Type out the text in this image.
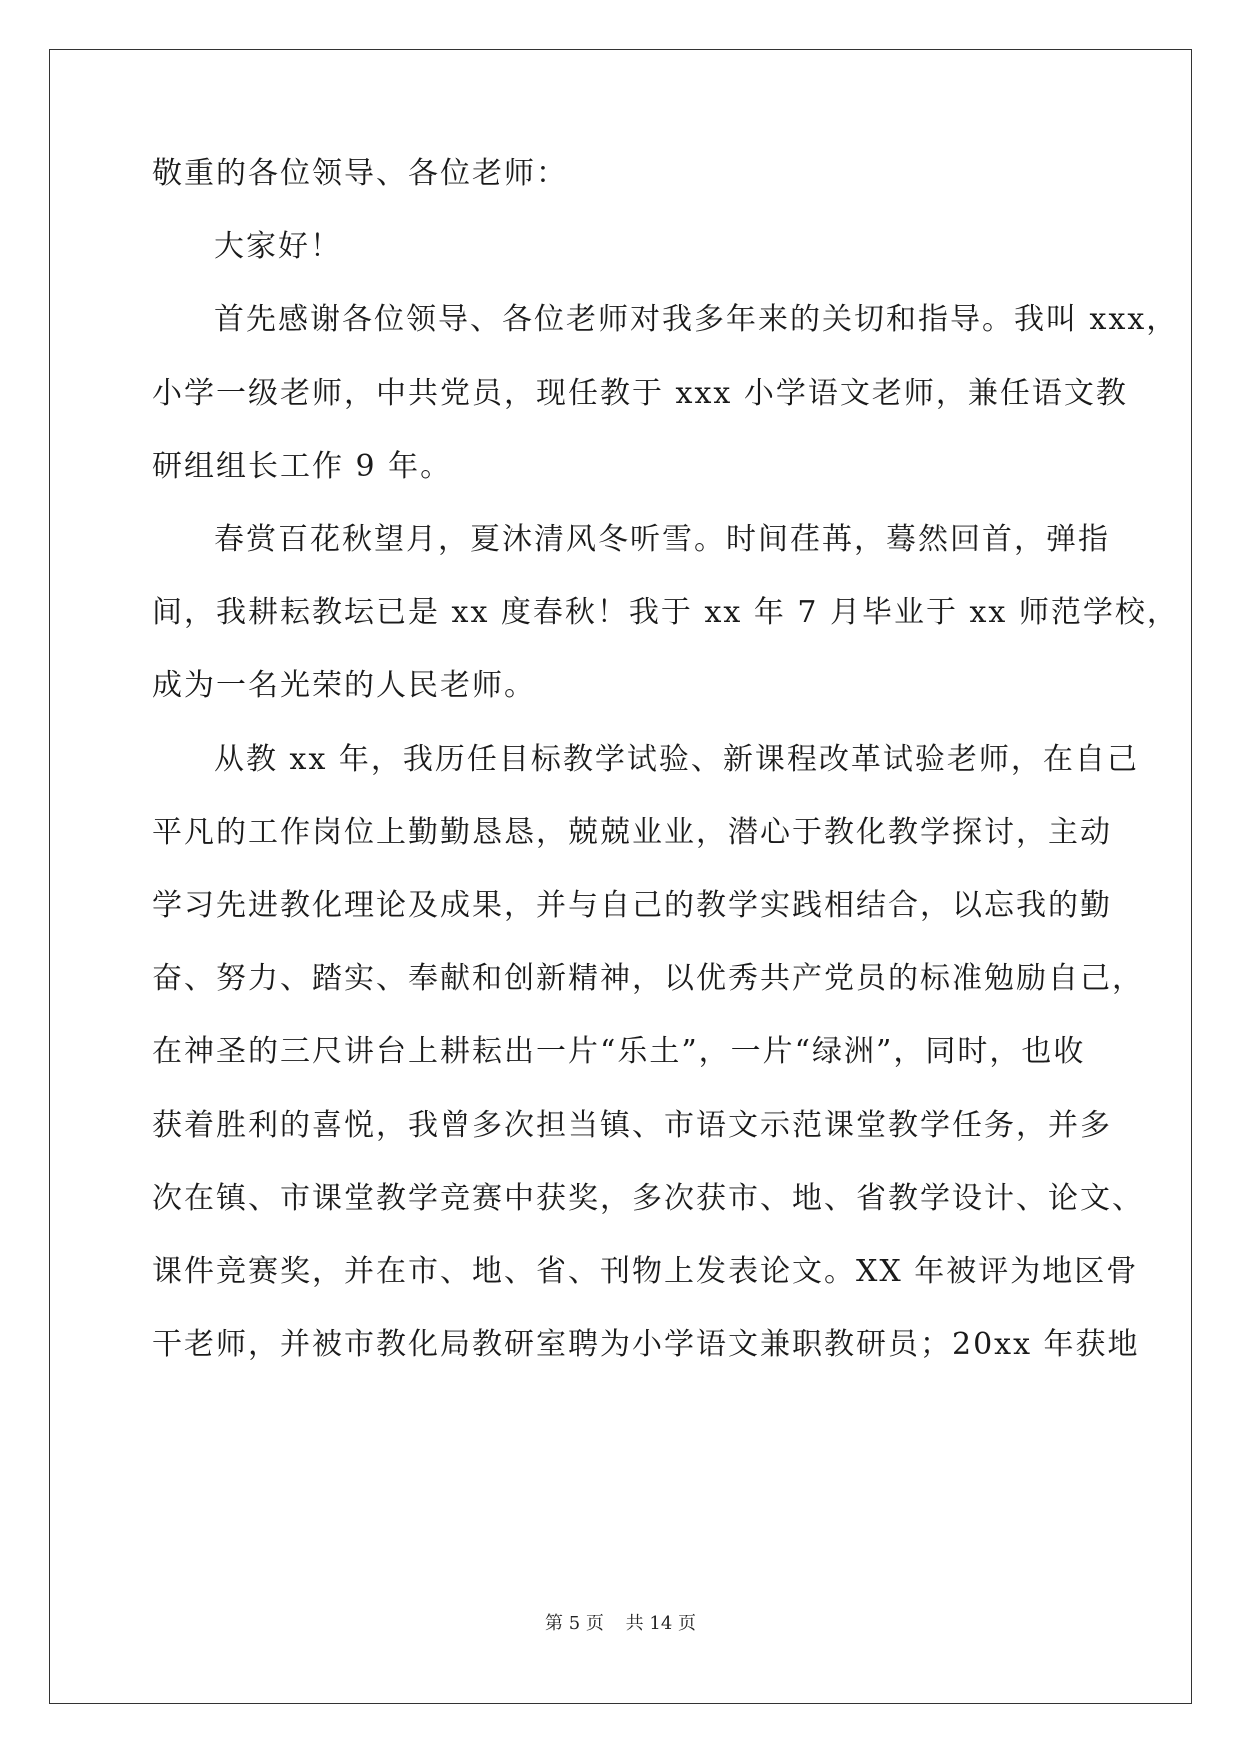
敬重的各位领导、各位老师：
大家好！
首先感谢各位领导、各位老师对我多年来的关切和指导。我叫 xxx，
小学一级老师，中共党员，现任教于 xxx 小学语文老师，兼任语文教
研组组长工作 9 年。
春赏百花秋望月，夏沐清风冬听雪。时间荏苒，蓦然回首，弹指
间，我耕耘教坛已是 xx 度春秋！我于 xx 年 7 月毕业于 xx 师范学校，
成为一名光荣的人民老师。
从教 xx 年，我历任目标教学试验、新课程改革试验老师，在自己
平凡的工作岗位上勤勤恳恳，兢兢业业，潜心于教化教学探讨，主动
学习先进教化理论及成果，并与自己的教学实践相结合，以忘我的勤
奋、努力、踏实、奉献和创新精神，以优秀共产党员的标准勉励自己，
在神圣的三尺讲台上耕耘出一片“乐土”，一片“绿洲”，同时，也收
获着胜利的喜悦，我曾多次担当镇、市语文示范课堂教学任务，并多
次在镇、市课堂教学竞赛中获奖，多次获市、地、省教学设计、论文、
课件竞赛奖，并在市、地、省、刊物上发表论文。XX 年被评为地区骨
干老师，并被市教化局教研室聘为小学语文兼职教研员；20xx 年获地
第 5 页 共 14 页
